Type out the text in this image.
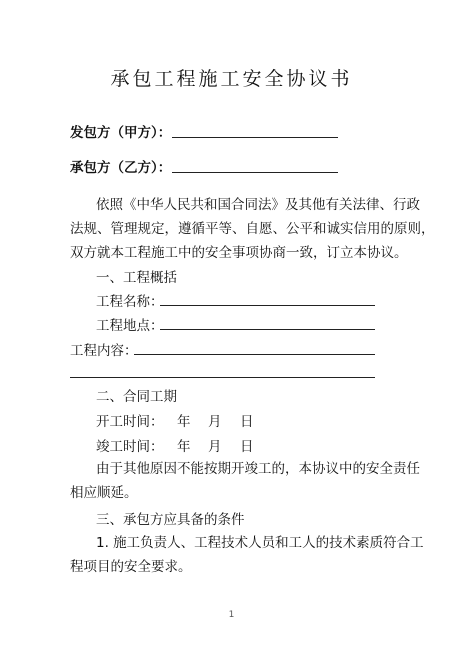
承包工程施工安全协议书
发包方（甲方）：
承包方（乙方）：
依照《中华人民共和国合同法》及其他有关法律、行政
法规、管理规定，遵循平等、自愿、公平和诚实信用的原则，
双方就本工程施工中的安全事项协商一致，订立本协议。
一、工程概括
工程名称：
工程地点：
工程内容：
二、合同工期
开工时间： 年 月 日
竣工时间： 年 月 日
由于其他原因不能按期开竣工的，本协议中的安全责任
相应顺延。
三、承包方应具备的条件
1. 施工负责人、工程技术人员和工人的技术素质符合工
程项目的安全要求。
1
